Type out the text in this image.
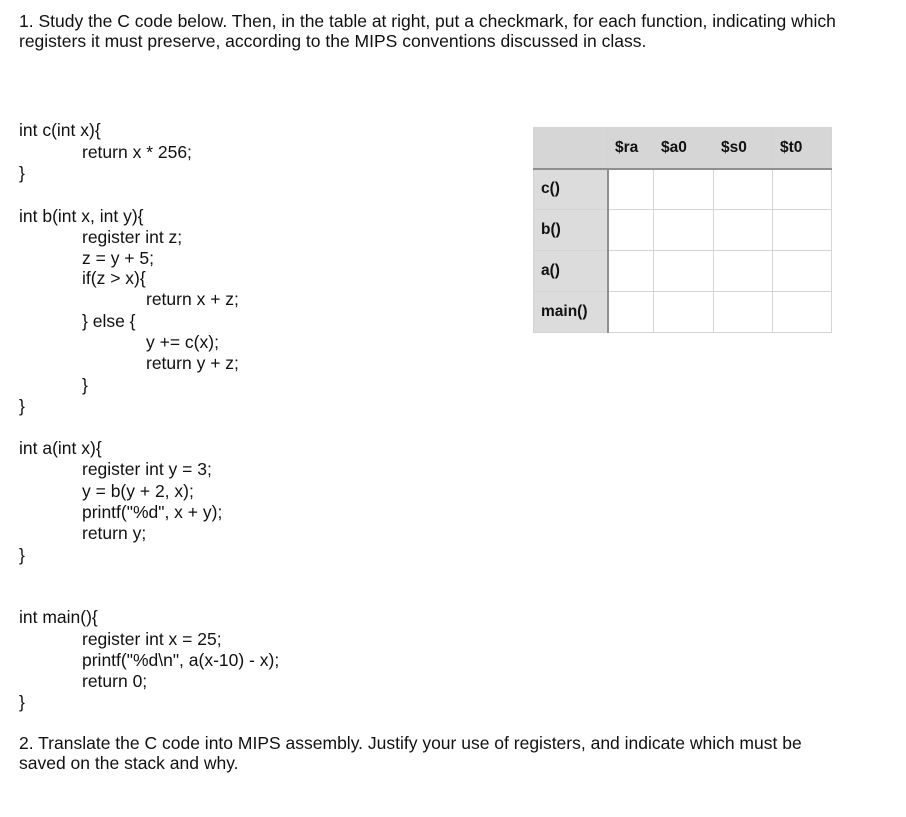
1. Study the C code below. Then, in the table at right, put a checkmark, for each function, indicating which registers it must preserve, according to the MIPS conventions discussed in class.
int c(int x){
return x * 256;
}
int b(int x, int y){
register int z;
z = y + 5;
if(z > x){
return x + z;
} else {
y += c(x);
return y + z;
}
}
int a(int x){
register int y = 3;
y = b(y + 2, x);
printf("%d", x + y);
return y;
}
int main(){
register int x = 25;
printf("%d\n", a(x-10) - x);
return 0;
}
	$ra	$a0	$s0	$t0
c()				
b()				
a()				
main()				
2. Translate the C code into MIPS assembly. Justify your use of registers, and indicate which must be saved on the stack and why.
